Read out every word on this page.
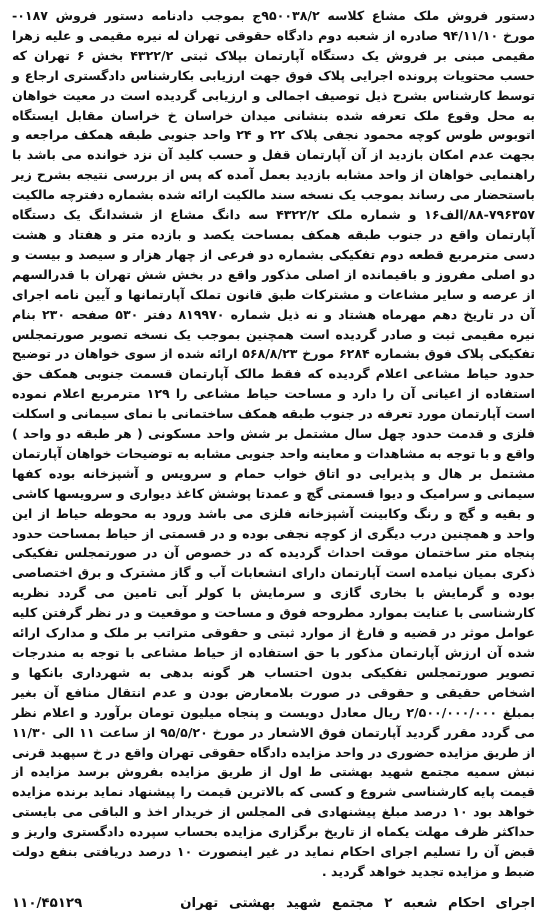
دستور فروش ملک مشاع کلاسه ۹۵۰۰۳۸/۲ج بموجب دادنامه دستور فروش ۰۱۸۷- مورخ ۹۴/۱۱/۱۰ صادره از شعبه دوم دادگاه حقوقی تهران له نیره مقیمی و علیه زهرا مقیمی مبنی بر فروش یک دستگاه آپارتمان بپلاک ثبتی ۴۳۲۲/۲ بخش ۶ تهران که حسب محتویات پرونده اجرایی پلاک فوق جهت ارزیابی بکارشناس دادگستری ارجاع و توسط کارشناس بشرح ذیل توصیف اجمالی و ارزیابی گردیده است در معیت خواهان به محل وقوع ملک تعرفه شده بنشانی میدان خراسان خ خراسان مقابل ایستگاه اتوبوس طوس کوچه محمود نجفی پلاک ۲۲ و ۲۴ واحد جنوبی طبقه همکف مراجعه و بجهت عدم امکان بازدید از آن آپارتمان قفل و حسب کلید آن نزد خوانده می باشد با راهنمایی خواهان از واحد مشابه بازدید بعمل آمده که پس از بررسی نتیجه بشرح زیر باستحضار می رساند بموجب یک نسخه سند مالکیت ارائه شده بشماره دفترچه مالکیت ۷۹۶۳۵۷-۸۸/الف۱۶ و شماره ملک ۴۳۲۲/۲ سه دانگ مشاع از ششدانگ یک دستگاه آپارتمان واقع در جنوب طبقه همکف بمساحت یکصد و بازده متر و هفتاد و هشت دسی مترمربع قطعه دوم تفکیکی بشماره دو فرعی از چهار هزار و سیصد و بیست و دو اصلی مفروز و باقیمانده از اصلی مذکور واقع در بخش شش تهران با قدرالسهم از عرصه و سایر مشاعات و مشترکات طبق قانون تملک آپارتمانها و آیین نامه اجرای آن در تاریخ دهم مهرماه هشتاد و نه ذیل شماره ۸۱۹۹۷۰ دفتر ۵۳۰ صفحه ۲۳۰ بنام نیره مقیمی ثبت و صادر گردیده است همچنین بموجب یک نسخه تصویر صورتمجلس تفکیکی پلاک فوق بشماره ۶۲۸۴ مورخ ۵۶۸/۸/۲۳ ارائه شده از سوی خواهان در توضیح حدود حیاط مشاعی اعلام گردیده که فقط مالک آپارتمان قسمت جنوبی همکف حق استفاده از اعیانی آن را دارد و مساحت حیاط مشاعی را ۱۲۹ مترمربع اعلام نموده است آپارتمان مورد تعرفه در جنوب طبقه همکف ساختمانی با نمای سیمانی و اسکلت فلزی و قدمت حدود چهل سال مشتمل بر شش واحد مسکونی ( هر طبقه دو واحد ) واقع و با توجه به مشاهدات و معاینه واحد جنوبی مشابه به توضیحات خواهان آپارتمان مشتمل بر هال و پذیرایی دو اتاق خواب حمام و سرویس و آشپزخانه بوده کفها سیمانی و سرامیک و دیوا قسمتی گچ و عمدتا پوشش کاغذ دیواری و سرویسها کاشی و بقیه و گچ و رنگ وکابینت آشپزخانه فلزی می باشد ورود به محوطه حیاط از این واحد و همچنین درب دیگری از کوچه نجفی بوده و در قسمتی از حیاط بمساحت حدود پنجاه متر ساختمان موقت احداث گردیده که در خصوص آن در صورتمجلس تفکیکی ذکری بمیان نیامده است آپارتمان دارای انشعابات آب و گاز مشترک و برق اختصاصی بوده و گرمایش با بخاری گازی و سرمایش با کولر آبی تامین می گردد نظریه کارشناسی با عنایت بموارد مطروحه فوق و مساحت و موقعیت و در نظر گرفتن کلیه عوامل موثر در قضیه و فارغ از موارد ثبتی و حقوقی متراتب بر ملک و مدارک ارائه شده آن ارزش آپارتمان مذکور با حق استفاده از حیاط مشاعی با توجه به مندرجات تصویر صورتمجلس تفکیکی بدون احتساب هر گونه بدهی به شهرداری بانکها و اشخاص حقیقی و حقوقی در صورت بلامعارض بودن و عدم انتقال منافع آن بغیر بمبلغ ۲/۵۰۰/۰۰۰/۰۰۰ ریال معادل دویست و پنجاه میلیون تومان برآورد و اعلام نظر می گردد مقرر گردید آپارتمان فوق الاشعار در مورخ ۹۵/۵/۲۰ از ساعت ۱۱ الی ۱۱/۳۰ از طریق مزایده حضوری در واحد مزایده دادگاه حقوقی تهران واقع در خ سپهبد قرنی نبش سمیه مجتمع شهید بهشتی ط اول از طریق مزایده بفروش برسد مزایده از قیمت پایه کارشناسی شروع و کسی که بالاترین قیمت را پیشنهاد نماید برنده مزایده خواهد بود ۱۰ درصد مبلغ پیشنهادی فی المجلس از خریدار اخذ و الباقی می بایستی حداکثر ظرف مهلت یکماه از تاریخ برگزاری مزایده بحساب سپرده دادگستری واریز و قبض آن را تسلیم اجرای احکام نماید در غیر اینصورت ۱۰ درصد دریافتی بنفع دولت ضبط و مزایده تجدید خواهد گردید .

اجرای احکام شعبه ۲ مجتمع شهید بهشتی تهران
۱۱۰/۴۵۱۲۹
